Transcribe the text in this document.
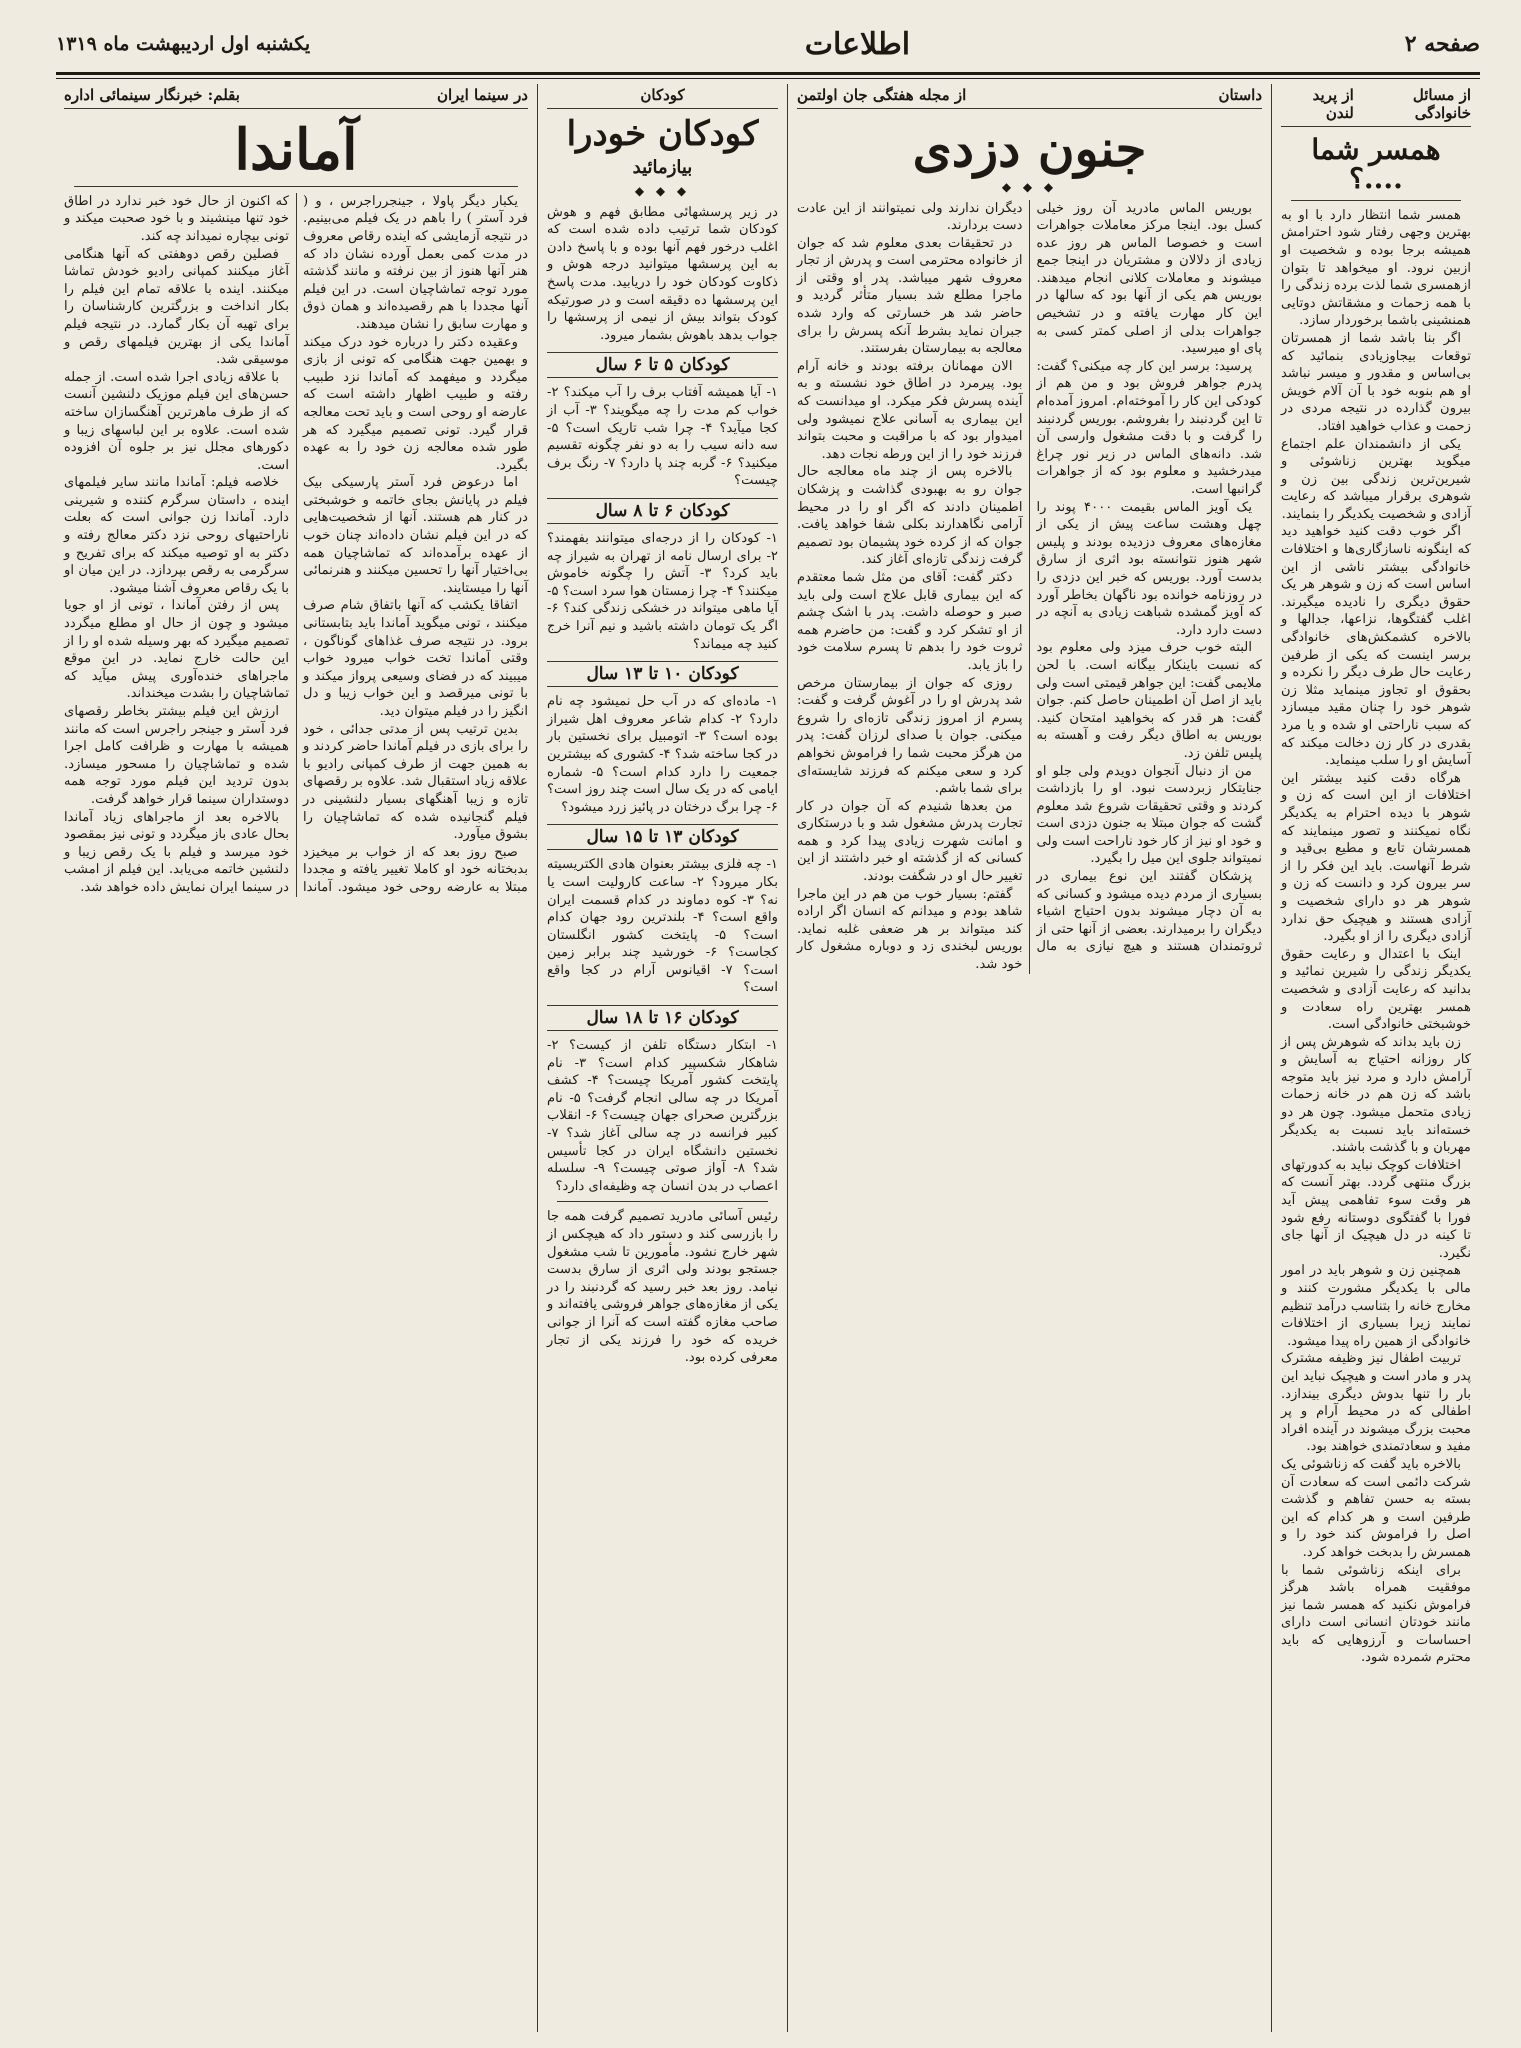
صفحه ۲
اطلاعات
یکشنبه اول اردیبهشت ماه ۱۳۱۹
از مسائل خانوادگی
از پرید لندن
همسر شما ....؟

همسر شما انتظار دارد با او به بهترین وجهی رفتار شود احترامش همیشه برجا بوده و شخصیت او ازبین نرود. او میخواهد تا بتوان ازهمسری شما لذت برده زندگی را با همه زحمات و مشقاتش دوتایی همنشینی باشما برخوردار سازد.

اگر بنا باشد شما از همسرتان توقعات بیجاوزیادی بنمائید که بی‌اساس و مقدور و میسر نباشد او هم بنوبه خود با آن آلام خویش بیرون گذارده در نتیجه مردی در زحمت و عذاب خواهید افتاد.

یکی از دانشمندان علم اجتماع میگوید بهترین زناشوئی و شیرین‌ترین زندگی بین زن و شوهری برقرار میباشد که رعایت آزادی و شخصیت یکدیگر را بنمایند.

اگر خوب دقت کنید خواهید دید که اینگونه ناسازگاری‌ها و اختلافات خانوادگی بیشتر ناشی از این اساس است که زن و شوهر هر یک حقوق دیگری را نادیده میگیرند. اغلب گفتگوها، نزاعها، جدالها و بالاخره کشمکش‌های خانوادگی برسر اینست که یکی از طرفین رعایت حال طرف دیگر را نکرده و بحقوق او تجاوز مینماید مثلا زن شوهر خود را چنان مقید میسازد که سبب ناراحتی او شده و یا مرد بقدری در کار زن دخالت میکند که آسایش او را سلب مینماید.

هرگاه دقت کنید بیشتر این اختلافات از این است که زن و شوهر با دیده احترام به یکدیگر نگاه نمیکنند و تصور مینمایند که همسرشان تابع و مطیع بی‌قید و شرط آنهاست. باید این فکر را از سر بیرون کرد و دانست که زن و شوهر هر دو دارای شخصیت و آزادی هستند و هیچیک حق ندارد آزادی دیگری را از او بگیرد.

اینک با اعتدال و رعایت حقوق یکدیگر زندگی را شیرین نمائید و بدانید که رعایت آزادی و شخصیت همسر بهترین راه سعادت و خوشبختی خانوادگی است.

زن باید بداند که شوهرش پس از کار روزانه احتیاج به آسایش و آرامش دارد و مرد نیز باید متوجه باشد که زن هم در خانه زحمات زیادی متحمل میشود. چون هر دو خسته‌اند باید نسبت به یکدیگر مهربان و با گذشت باشند.

اختلافات کوچک نباید به کدورتهای بزرگ منتهی گردد. بهتر آنست که هر وقت سوء تفاهمی پیش آید فورا با گفتگوی دوستانه رفع شود تا کینه در دل هیچیک از آنها جای نگیرد.

همچنین زن و شوهر باید در امور مالی با یکدیگر مشورت کنند و مخارج خانه را بتناسب درآمد تنظیم نمایند زیرا بسیاری از اختلافات خانوادگی از همین راه پیدا میشود.

تربیت اطفال نیز وظیفه مشترک پدر و مادر است و هیچیک نباید این بار را تنها بدوش دیگری بیندازد. اطفالی که در محیط آرام و پر محبت بزرگ میشوند در آینده افراد مفید و سعادتمندی خواهند بود.

بالاخره باید گفت که زناشوئی یک شرکت دائمی است که سعادت آن بسته به حسن تفاهم و گذشت طرفین است و هر کدام که این اصل را فراموش کند خود را و همسرش را بدبخت خواهد کرد.

برای اینکه زناشوئی شما با موفقیت همراه باشد هرگز فراموش نکنید که همسر شما نیز مانند خودتان انسانی است دارای احساسات و آرزوهایی که باید محترم شمرده شود.

داستان
از مجله هفتگی جان اولتمن
جنون دزدی
◆ ◆ ◆

بوریس الماس مادرید آن روز خیلی کسل بود. اینجا مرکز معاملات جواهرات است و خصوصا الماس هر روز عده زیادی از دلالان و مشتریان در اینجا جمع میشوند و معاملات کلانی انجام میدهند. بوریس هم یکی از آنها بود که سالها در این کار مهارت یافته و در تشخیص جواهرات بدلی از اصلی کمتر کسی به پای او میرسید.

پرسید: برسر این کار چه میکنی؟ گفت: پدرم جواهر فروش بود و من هم از کودکی این کار را آموخته‌ام. امروز آمده‌ام تا این گردنبند را بفروشم. بوریس گردنبند را گرفت و با دقت مشغول وارسی آن شد. دانه‌های الماس در زیر نور چراغ میدرخشید و معلوم بود که از جواهرات گرانبها است.

یک آویز الماس بقیمت ۴۰۰۰ پوند را چهل وهشت ساعت پیش از یکی از مغازه‌های معروف دزدیده بودند و پلیس شهر هنوز نتوانسته بود اثری از سارق بدست آورد. بوریس که خبر این دزدی را در روزنامه خوانده بود ناگهان بخاطر آورد که آویز گمشده شباهت زیادی به آنچه در دست دارد دارد.

البته خوب حرف میزد ولی معلوم بود که نسبت باینکار بیگانه است. با لحن ملایمی گفت: این جواهر قیمتی است ولی باید از اصل آن اطمینان حاصل کنم. جوان گفت: هر قدر که بخواهید امتحان کنید. بوریس به اطاق دیگر رفت و آهسته به پلیس تلفن زد.

من از دنبال آنجوان دویدم ولی جلو او جنایتکار زبردست نبود. او را بازداشت کردند و وقتی تحقیقات شروع شد معلوم گشت که جوان مبتلا به جنون دزدی است و خود او نیز از کار خود ناراحت است ولی نمیتواند جلوی این میل را بگیرد.

پزشکان گفتند این نوع بیماری در بسیاری از مردم دیده میشود و کسانی که به آن دچار میشوند بدون احتیاج اشیاء دیگران را برمیدارند. بعضی از آنها حتی از ثروتمندان هستند و هیچ نیازی به مال دیگران ندارند ولی نمیتوانند از این عادت دست بردارند.

در تحقیقات بعدی معلوم شد که جوان از خانواده محترمی است و پدرش از تجار معروف شهر میباشد. پدر او وقتی از ماجرا مطلع شد بسیار متأثر گردید و حاضر شد هر خسارتی که وارد شده جبران نماید بشرط آنکه پسرش را برای معالجه به بیمارستان بفرستند.

الان مهمانان برفته بودند و خانه آرام بود. پیرمرد در اطاق خود نشسته و به آینده پسرش فکر میکرد. او میدانست که این بیماری به آسانی علاج نمیشود ولی امیدوار بود که با مراقبت و محبت بتواند فرزند خود را از این ورطه نجات دهد.

بالاخره پس از چند ماه معالجه حال جوان رو به بهبودی گذاشت و پزشکان اطمینان دادند که اگر او را در محیط آرامی نگاهدارند بکلی شفا خواهد یافت. جوان که از کرده خود پشیمان بود تصمیم گرفت زندگی تازه‌ای آغاز کند.

دکتر گفت: آقای من مثل شما معتقدم که این بیماری قابل علاج است ولی باید صبر و حوصله داشت. پدر با اشک چشم از او تشکر کرد و گفت: من حاضرم همه ثروت خود را بدهم تا پسرم سلامت خود را باز یابد.

روزی که جوان از بیمارستان مرخص شد پدرش او را در آغوش گرفت و گفت: پسرم از امروز زندگی تازه‌ای را شروع میکنی. جوان با صدای لرزان گفت: پدر من هرگز محبت شما را فراموش نخواهم کرد و سعی میکنم که فرزند شایسته‌ای برای شما باشم.

من بعدها شنیدم که آن جوان در کار تجارت پدرش مشغول شد و با درستکاری و امانت شهرت زیادی پیدا کرد و همه کسانی که از گذشته او خبر داشتند از این تغییر حال او در شگفت بودند.

گفتم: بسیار خوب من هم در این ماجرا شاهد بودم و میدانم که انسان اگر اراده کند میتواند بر هر ضعفی غلبه نماید. بوریس لبخندی زد و دوباره مشغول کار خود شد.

کودکان
کودکان خودرا
بیازمائید
◆ ◆ ◆

در زیر پرسشهائی مطابق فهم و هوش کودکان شما ترتیب داده شده است که اغلب درخور فهم آنها بوده و با پاسخ دادن به این پرسشها میتوانید درجه هوش و ذکاوت کودکان خود را دریابید. مدت پاسخ این پرسشها ده دقیقه است و در صورتیکه کودک بتواند بیش از نیمی از پرسشها را جواب بدهد باهوش بشمار میرود.

کودکان ۵ تا ۶ سال

۱- آیا همیشه آفتاب برف را آب میکند؟ ۲- خواب کم مدت را چه میگویند؟ ۳- آب از کجا میآید؟ ۴- چرا شب تاریک است؟ ۵- سه دانه سیب را به دو نفر چگونه تقسیم میکنید؟ ۶- گربه چند پا دارد؟ ۷- رنگ برف چیست؟

کودکان ۶ تا ۸ سال

۱- کودکان را از درجه‌ای میتوانند بفهمند؟ ۲- برای ارسال نامه از تهران به شیراز چه باید کرد؟ ۳- آتش را چگونه خاموش میکنند؟ ۴- چرا زمستان هوا سرد است؟ ۵- آیا ماهی میتواند در خشکی زندگی کند؟ ۶- اگر یک تومان داشته باشید و نیم آنرا خرج کنید چه میماند؟

کودکان ۱۰ تا ۱۳ سال

۱- ماده‌ای که در آب حل نمیشود چه نام دارد؟ ۲- کدام شاعر معروف اهل شیراز بوده است؟ ۳- اتومبیل برای نخستین بار در کجا ساخته شد؟ ۴- کشوری که بیشترین جمعیت را دارد کدام است؟ ۵- شماره ایامی که در یک سال است چند روز است؟ ۶- چرا برگ درختان در پائیز زرد میشود؟

کودکان ۱۳ تا ۱۵ سال

۱- چه فلزی بیشتر بعنوان هادی الکتریسیته بکار میرود؟ ۲- ساعت کارولیت است یا نه؟ ۳- کوه دماوند در کدام قسمت ایران واقع است؟ ۴- بلندترین رود جهان کدام است؟ ۵- پایتخت کشور انگلستان کجاست؟ ۶- خورشید چند برابر زمین است؟ ۷- اقیانوس آرام در کجا واقع است؟

کودکان ۱۶ تا ۱۸ سال

۱- ابتکار دستگاه تلفن از کیست؟ ۲- شاهکار شکسپیر کدام است؟ ۳- نام پایتخت کشور آمریکا چیست؟ ۴- کشف آمریکا در چه سالی انجام گرفت؟ ۵- نام بزرگترین صحرای جهان چیست؟ ۶- انقلاب کبیر فرانسه در چه سالی آغاز شد؟ ۷- نخستین دانشگاه ایران در کجا تأسیس شد؟ ۸- آواز صوتی چیست؟ ۹- سلسله اعصاب در بدن انسان چه وظیفه‌ای دارد؟

رئیس آسائی مادرید تصمیم گرفت همه جا را بازرسی کند و دستور داد که هیچکس از شهر خارج نشود. مأمورین تا شب مشغول جستجو بودند ولی اثری از سارق بدست نیامد. روز بعد خبر رسید که گردنبند را در یکی از مغازه‌های جواهر فروشی یافته‌اند و صاحب مغازه گفته است که آنرا از جوانی خریده که خود را فرزند یکی از تجار معرفی کرده بود.

در سینما ایران
بقلم: خبرنگار سینمائی اداره
آماندا

یکبار دیگر پاولا ، جینجرراجرس ، و ( فرد آستر ) را باهم در یک فیلم می‌بینیم. در نتیجه آزمایشی که اینده رقاص معروف در مدت کمی بعمل آورده نشان داد که هنر آنها هنوز از بین نرفته و مانند گذشته مورد توجه تماشاچیان است. در این فیلم آنها مجددا با هم رقصیده‌اند و همان ذوق و مهارت سابق را نشان میدهند.

وعقیده دکتر را درباره خود درک میکند و بهمین جهت هنگامی که تونی از بازی میگردد و میفهمد که آماندا نزد طبیب رفته و طبیب اظهار داشته است که عارضه او روحی است و باید تحت معالجه قرار گیرد. تونی تصمیم میگیرد که هر طور شده معالجه زن خود را به عهده بگیرد.

اما درعوض فرد آستر پارسیکی بیک فیلم در پایانش بجای خاتمه و خوشبختی در کنار هم هستند. آنها از شخصیت‌هایی که در این فیلم نشان داده‌اند چنان خوب از عهده برآمده‌اند که تماشاچیان همه بی‌اختیار آنها را تحسین میکنند و هنرنمائی آنها را میستایند.

اتفاقا یکشب که آنها باتفاق شام صرف میکنند ، تونی میگوید آماندا باید بتابستانی برود. در نتیجه صرف غذاهای گوناگون ، وقتی آماندا تخت خواب میرود خواب میبیند که در فضای وسیعی پرواز میکند و با تونی میرقصد و این خواب زیبا و دل انگیز را در فیلم میتوان دید.

بدین ترتیب پس از مدتی جدائی ، خود را برای بازی در فیلم آماندا حاضر کردند و به همین جهت از طرف کمپانی رادیو با علاقه زیاد استقبال شد. علاوه بر رقصهای تازه و زیبا آهنگهای بسیار دلنشینی در فیلم گنجانیده شده که تماشاچیان را بشوق میآورد.

صبح روز بعد که از خواب بر میخیزد بدبختانه خود او کاملا تغییر یافته و مجددا مبتلا به عارضه روحی خود میشود. آماندا که اکنون از حال خود خبر ندارد در اطاق خود تنها مینشیند و با خود صحبت میکند و تونی بیچاره نمیداند چه کند.

فصلین رقص دوهفتی که آنها هنگامی آغاز میکنند کمپانی رادیو خودش تماشا میکنند. اینده با علاقه تمام این فیلم را بکار انداخت و بزرگترین کارشناسان را برای تهیه آن بکار گمارد. در نتیجه فیلم آماندا یکی از بهترین فیلمهای رقص و موسیقی شد.

با علاقه زیادی اجرا شده است. از جمله حسن‌های این فیلم موزیک دلنشین آنست که از طرف ماهرترین آهنگسازان ساخته شده است. علاوه بر این لباسهای زیبا و دکورهای مجلل نیز بر جلوه آن افزوده است.

خلاصه فیلم: آماندا مانند سایر فیلمهای اینده ، داستان سرگرم کننده و شیرینی دارد. آماندا زن جوانی است که بعلت ناراحتیهای روحی نزد دکتر معالج رفته و دکتر به او توصیه میکند که برای تفریح و سرگرمی به رقص بپردازد. در این میان او با یک رقاص معروف آشنا میشود.

پس از رفتن آماندا ، تونی از او جویا میشود و چون از حال او مطلع میگردد تصمیم میگیرد که بهر وسیله شده او را از این حالت خارج نماید. در این موقع ماجراهای خنده‌آوری پیش میآید که تماشاچیان را بشدت میخنداند.

ارزش این فیلم بیشتر بخاطر رقصهای فرد آستر و جینجر راجرس است که مانند همیشه با مهارت و ظرافت کامل اجرا شده و تماشاچیان را مسحور میسازد. بدون تردید این فیلم مورد توجه همه دوستداران سینما قرار خواهد گرفت.

بالاخره بعد از ماجراهای زیاد آماندا بحال عادی باز میگردد و تونی نیز بمقصود خود میرسد و فیلم با یک رقص زیبا و دلنشین خاتمه می‌یابد. این فیلم از امشب در سینما ایران نمایش داده خواهد شد.
